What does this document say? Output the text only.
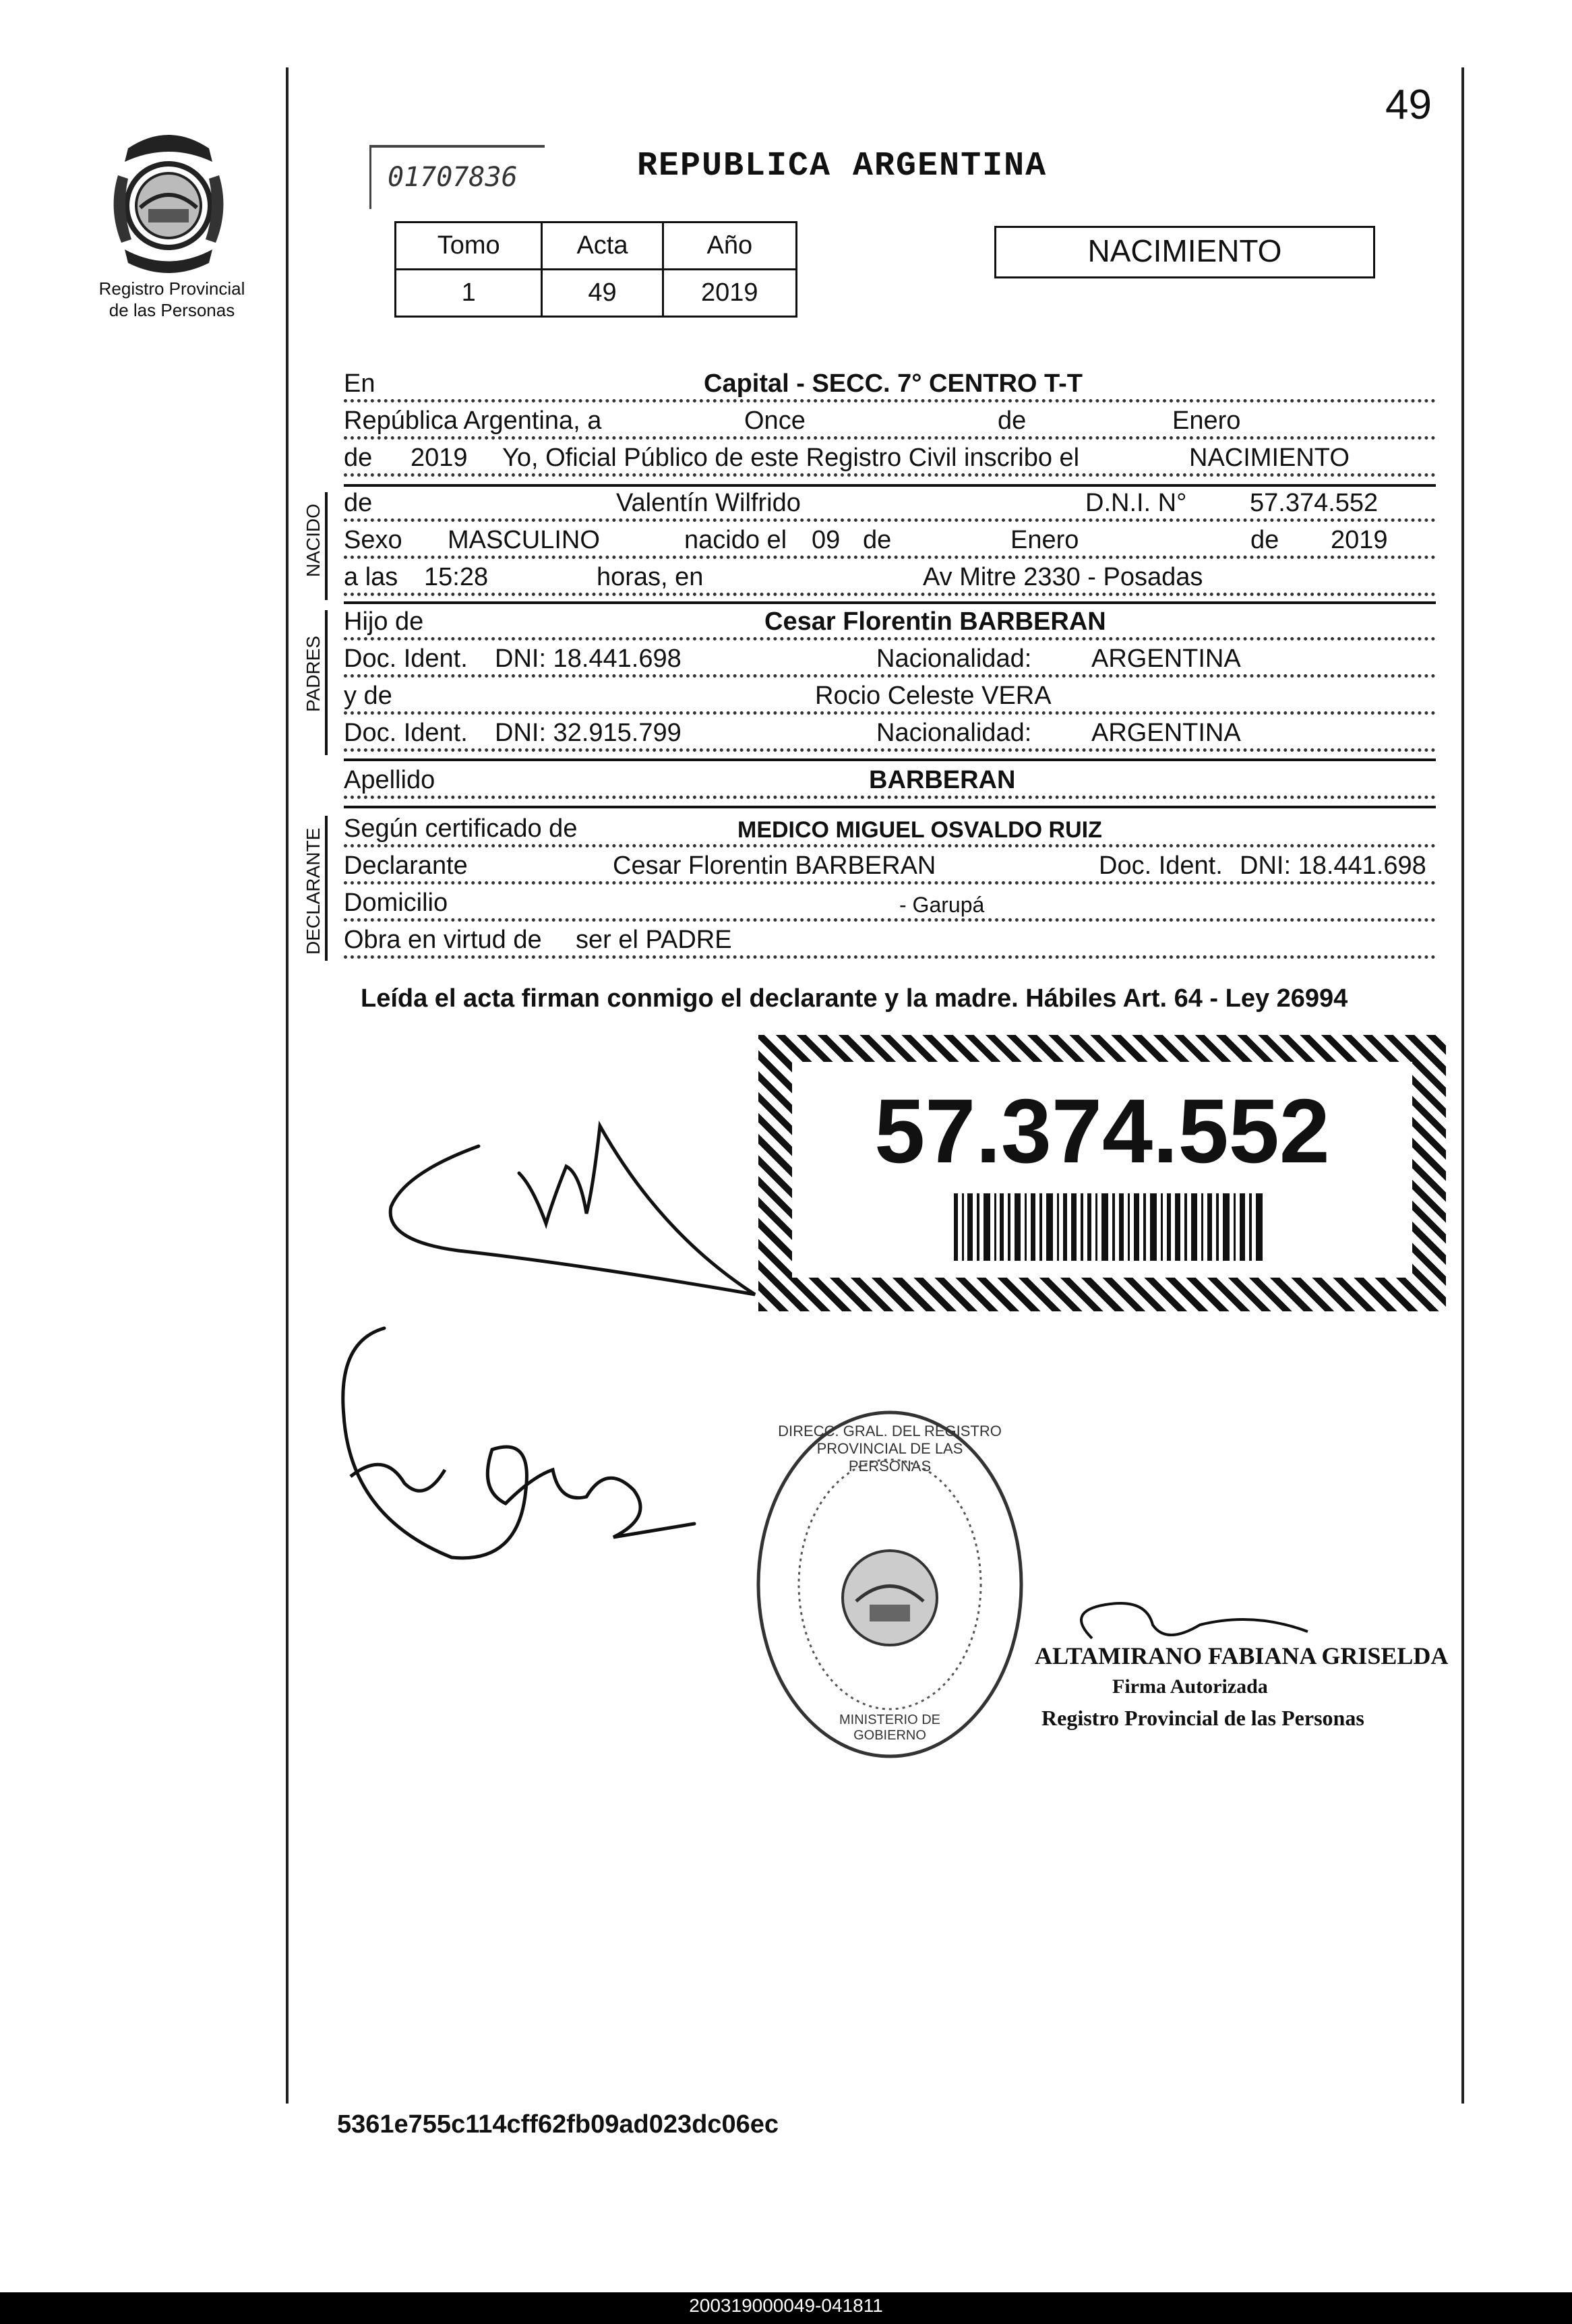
49
Registro Provincial
de las Personas
01707836	REPUBLICA ARGENTINA
Tomo	Acta	Año
1	49	2019
NACIMIENTO
En	Capital - SECC. 7° CENTRO T-T
República Argentina, a	Once	de	Enero
de 2019 Yo, Oficial Público de este Registro Civil inscribo el	NACIMIENTO
NACIDO
de	Valentín Wilfrido	D.N.I. N° 57.374.552
Sexo MASCULINO	nacido el 09 de	Enero	de 2019
a las 15:28	horas, en	Av Mitre 2330 - Posadas
PADRES
Hijo de	Cesar Florentin BARBERAN
Doc. Ident. DNI: 18.441.698	Nacionalidad: ARGENTINA
y de	Rocio Celeste VERA
Doc. Ident. DNI: 32.915.799	Nacionalidad: ARGENTINA
Apellido	BARBERAN
DECLARANTE Según certificado de	MEDICO MIGUEL OSVALDO RUIZ
Declarante	Cesar Florentin BARBERAN	Doc. Ident. DNI: 18.441.698
Domicilio	- Garupá
Obra en virtud de ser el PADRE
Leída el acta firman conmigo el declarante y la madre. Hábiles Art. 64 - Ley 26994
57.374.552
DIRECC. GRAL. DEL REGISTRO PROVINCIAL DE LAS PERSONAS
MINISTERIO DE GOBIERNO
ALTAMIRANO FABIANA GRISELDA
Firma Autorizada
Registro Provincial de las Personas
5361e755c114cff62fb09ad023dc06ec
200319000049-041811
